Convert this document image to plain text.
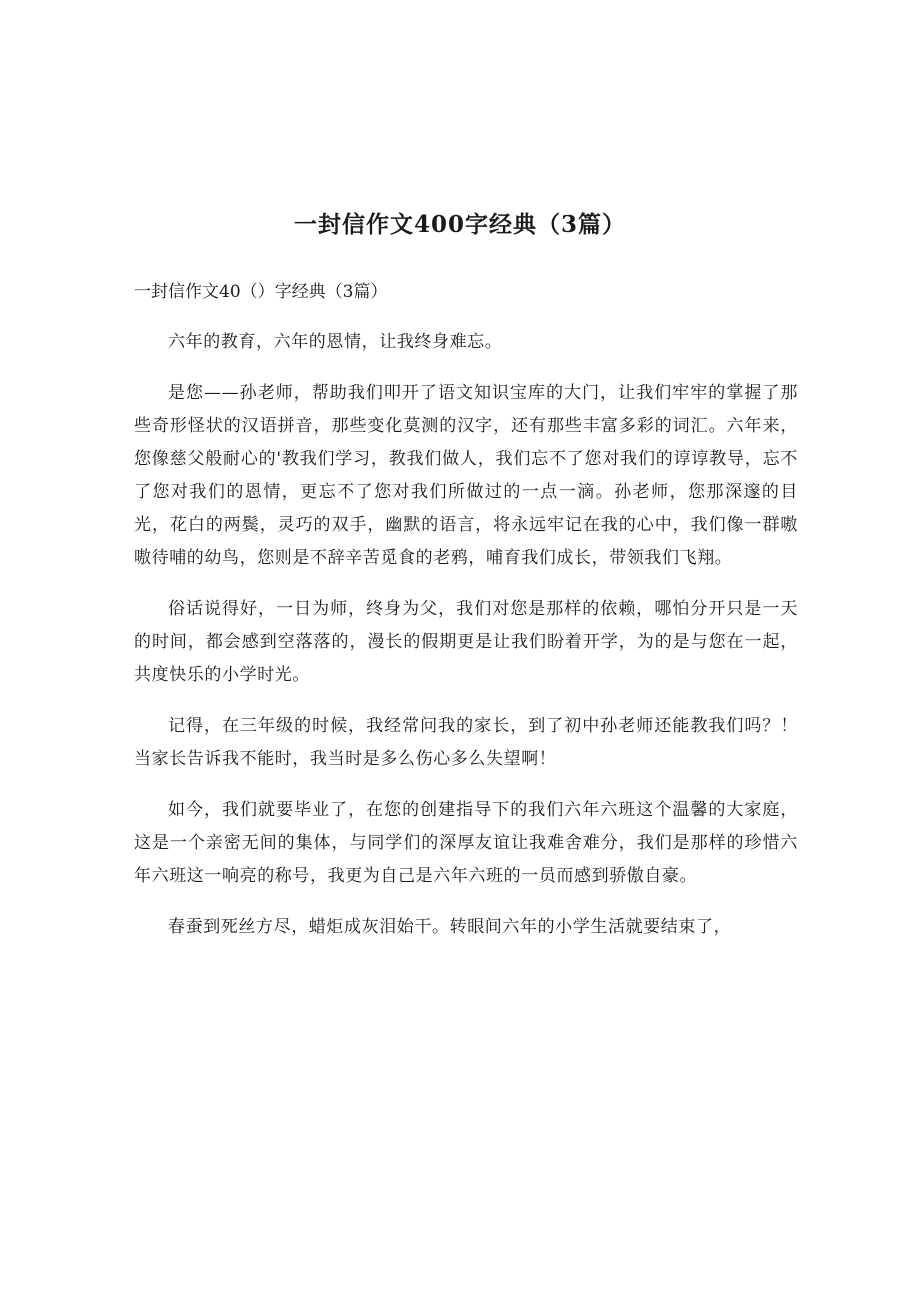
一封信作文400字经典（3篇）

一封信作文40（）字经典（3篇）

六年的教育，六年的恩情，让我终身难忘。

是您——孙老师，帮助我们叩开了语文知识宝库的大门，让我们牢牢的掌握了那些奇形怪状的汉语拼音，那些变化莫测的汉字，还有那些丰富多彩的词汇。六年来，您像慈父般耐心的'教我们学习，教我们做人，我们忘不了您对我们的谆谆教导，忘不了您对我们的恩情，更忘不了您对我们所做过的一点一滴。孙老师，您那深邃的目光，花白的两鬓，灵巧的双手，幽默的语言，将永远牢记在我的心中，我们像一群嗷嗷待哺的幼鸟，您则是不辞辛苦觅食的老鸦，哺育我们成长，带领我们飞翔。

俗话说得好，一日为师，终身为父，我们对您是那样的依赖，哪怕分开只是一天的时间，都会感到空落落的，漫长的假期更是让我们盼着开学，为的是与您在一起，共度快乐的小学时光。

记得，在三年级的时候，我经常问我的家长，到了初中孙老师还能教我们吗？！当家长告诉我不能时，我当时是多么伤心多么失望啊！

如今，我们就要毕业了，在您的创建指导下的我们六年六班这个温馨的大家庭，这是一个亲密无间的集体，与同学们的深厚友谊让我难舍难分，我们是那样的珍惜六年六班这一响亮的称号，我更为自己是六年六班的一员而感到骄傲自豪。

春蚕到死丝方尽，蜡炬成灰泪始干。转眼间六年的小学生活就要结束了，
